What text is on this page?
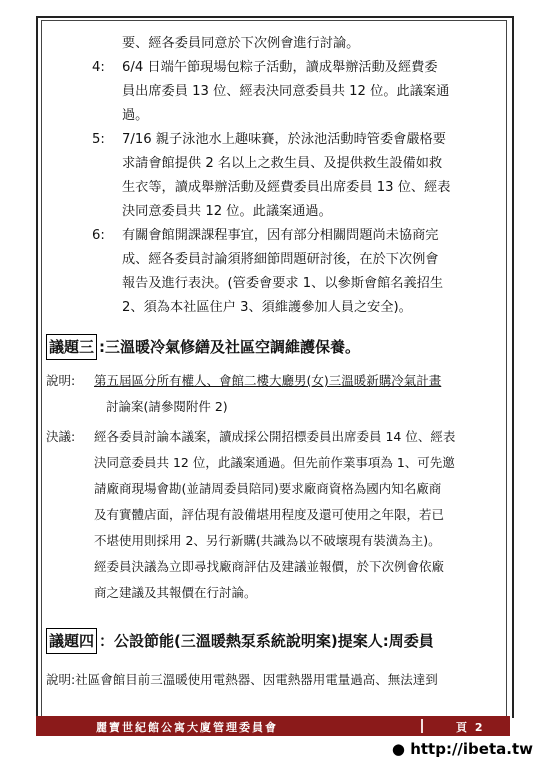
要、經各委員同意於下次例會進行討論。
4:	6/4 日端午節現場包粽子活動，讀成舉辦活動及經費委
員出席委員 13 位、經表決同意委員共 12 位。此議案通
過。
5:	7/16 親子泳池水上趣味賽，於泳池活動時管委會嚴格要
求請會館提供 2 名以上之救生員、及提供救生設備如救
生衣等，讀成舉辦活動及經費委員出席委員 13 位、經表
決同意委員共 12 位。此議案通過。
6:	有關會館開課課程事宜，因有部分相關問題尚未協商完
成、經各委員討論須將細節問題研討後，在於下次例會
報告及進行表決。(管委會要求 1、以參斯會館名義招生
2、須為本社區住户 3、須維護參加人員之安全)。
議題三 :三溫暖冷氣修繕及社區空調維護保養。
說明: 第五屆區分所有權人、會館二樓大廳男(女)三溫暖新購冷氣計畫
討論案(請參閱附件 2)
決議: 經各委員討論本議案，讀成採公開招標委員出席委員 14 位、經表
決同意委員共 12 位，此議案通過。但先前作業事項為 1、可先邀
請廠商現場會勘(並請周委員陪同)要求廠商資格為國内知名廠商
及有實體店面，評估現有設備堪用程度及還可使用之年限，若已
不堪使用則採用 2、另行新購(共識為以不破壞現有裝潢為主)。
經委員決議為立即尋找廠商評估及建議並報價，於下次例會依廠
商之建議及其報價在行討論。
議題四 ：公設節能(三溫暖熱泵系統說明案)提案人:周委員
說明:社區會館目前三溫暖使用電熱器、因電熱器用電量過高、無法達到
麗寶世紀館公寓大廈管理委員會	頁 2
● http://ibeta.tw
